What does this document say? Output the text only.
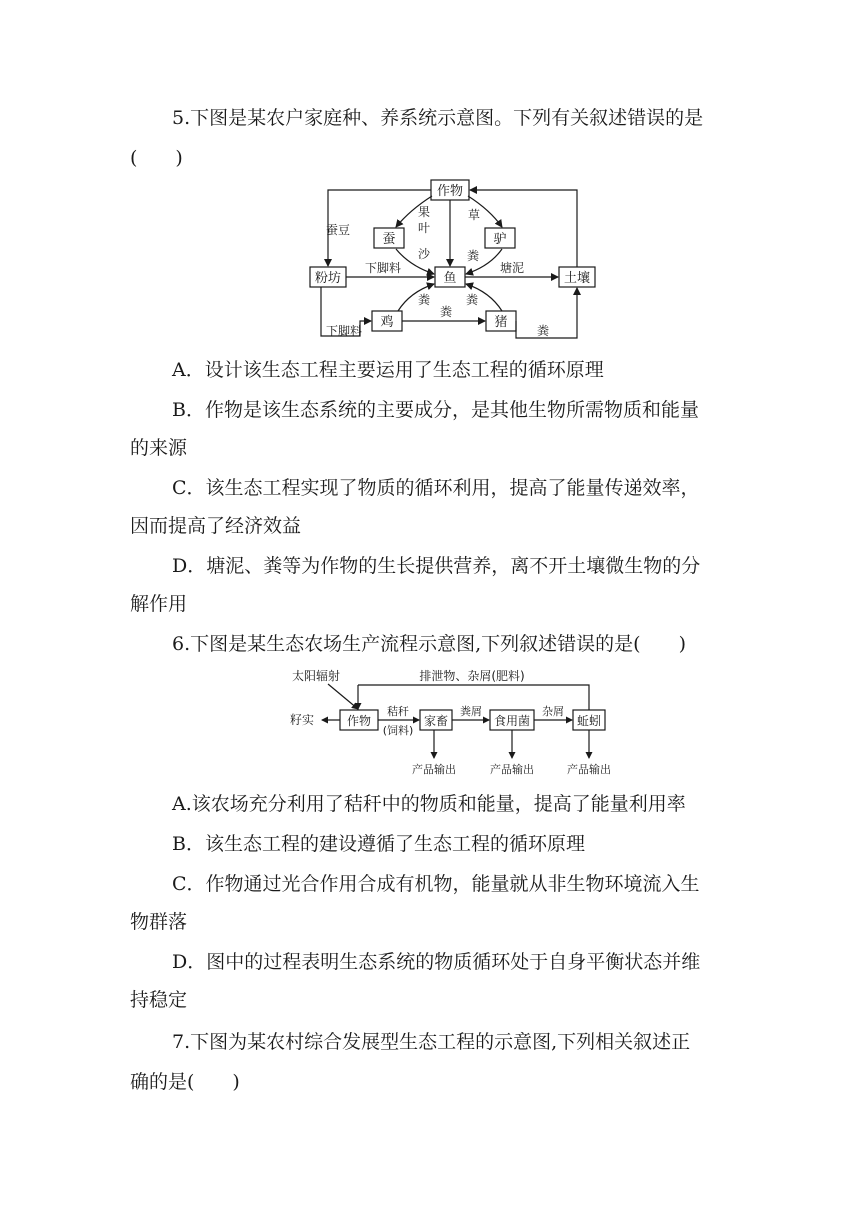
5.下图是某农户家庭种、养系统示意图。下列有关叙述错误的是
(　　)
作物
蚕	驴
粉坊	鱼	土壤
鸡	猪
果
叶
沙
草
粪
蚕豆
下脚料	塘泥
粪
粪
粪
下脚料	粪
A．设计该生态工程主要运用了生态工程的循环原理
B．作物是该生态系统的主要成分，是其他生物所需物质和能量
的来源
C．该生态工程实现了物质的循环利用，提高了能量传递效率，
因而提高了经济效益
D．塘泥、粪等为作物的生长提供营养，离不开土壤微生物的分
解作用
6.下图是某生态农场生产流程示意图,下列叙述错误的是(　　)
太阳辐射	排泄物、杂屑(肥料)
籽实	作物
秸秆
(饲料)
家畜
粪屑
食用菌
杂屑
蚯蚓
产品输出	产品输出	产品输出
A.该农场充分利用了秸秆中的物质和能量，提高了能量利用率
B．该生态工程的建设遵循了生态工程的循环原理
C．作物通过光合作用合成有机物，能量就从非生物环境流入生
物群落
D．图中的过程表明生态系统的物质循环处于自身平衡状态并维
持稳定
7.下图为某农村综合发展型生态工程的示意图,下列相关叙述正
确的是(　　)
